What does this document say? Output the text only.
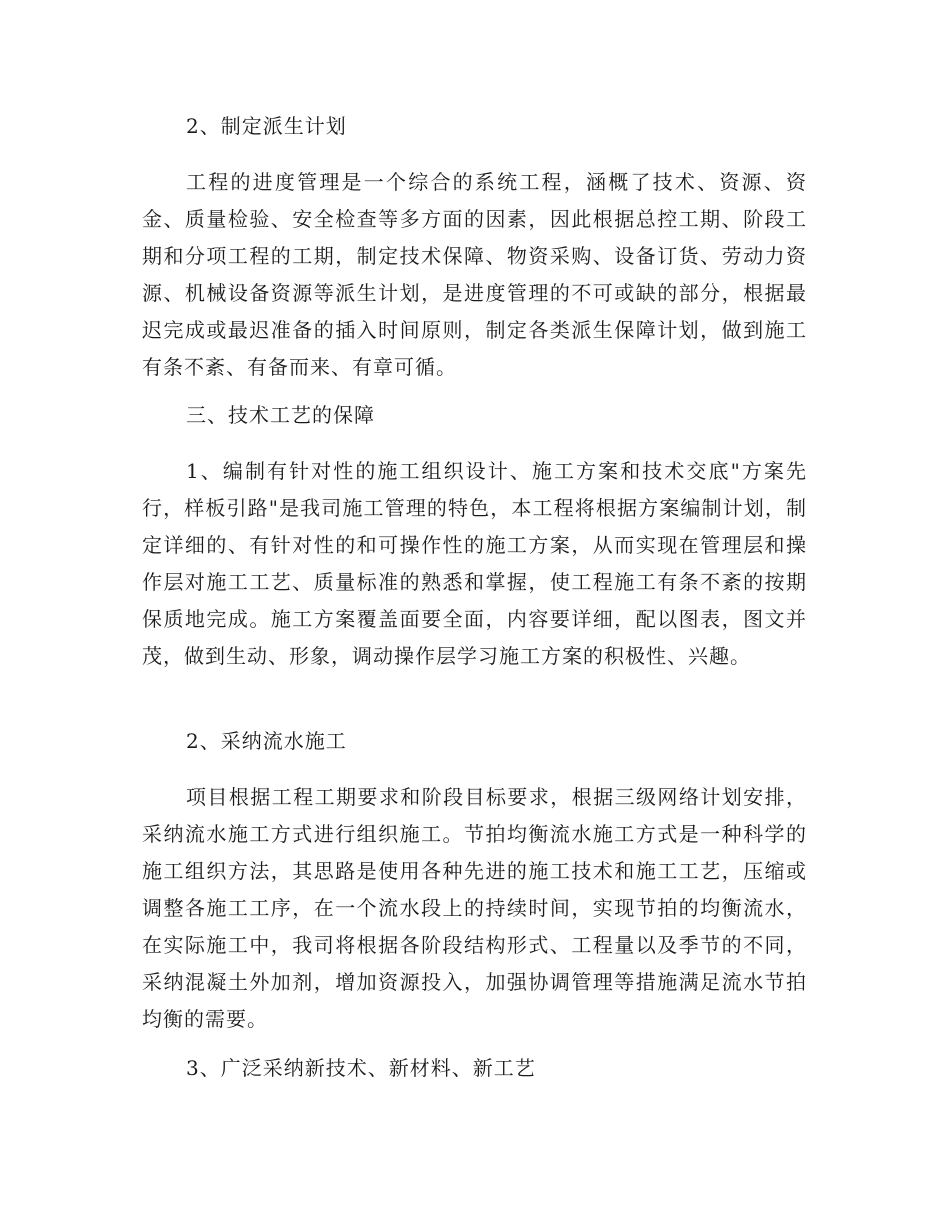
2、制定派生计划

工程的进度管理是一个综合的系统工程，涵概了技术、资源、资金、质量检验、安全检查等多方面的因素，因此根据总控工期、阶段工期和分项工程的工期，制定技术保障、物资采购、设备订货、劳动力资源、机械设备资源等派生计划，是进度管理的不可或缺的部分，根据最迟完成或最迟准备的插入时间原则，制定各类派生保障计划，做到施工有条不紊、有备而来、有章可循。

三、技术工艺的保障

1、编制有针对性的施工组织设计、施工方案和技术交底"方案先行，样板引路"是我司施工管理的特色，本工程将根据方案编制计划，制定详细的、有针对性的和可操作性的施工方案，从而实现在管理层和操作层对施工工艺、质量标准的熟悉和掌握，使工程施工有条不紊的按期保质地完成。施工方案覆盖面要全面，内容要详细，配以图表，图文并茂，做到生动、形象，调动操作层学习施工方案的积极性、兴趣。

2、采纳流水施工

项目根据工程工期要求和阶段目标要求，根据三级网络计划安排，采纳流水施工方式进行组织施工。节拍均衡流水施工方式是一种科学的施工组织方法，其思路是使用各种先进的施工技术和施工工艺，压缩或调整各施工工序，在一个流水段上的持续时间，实现节拍的均衡流水，在实际施工中，我司将根据各阶段结构形式、工程量以及季节的不同，采纳混凝土外加剂，增加资源投入，加强协调管理等措施满足流水节拍均衡的需要。

3、广泛采纳新技术、新材料、新工艺
